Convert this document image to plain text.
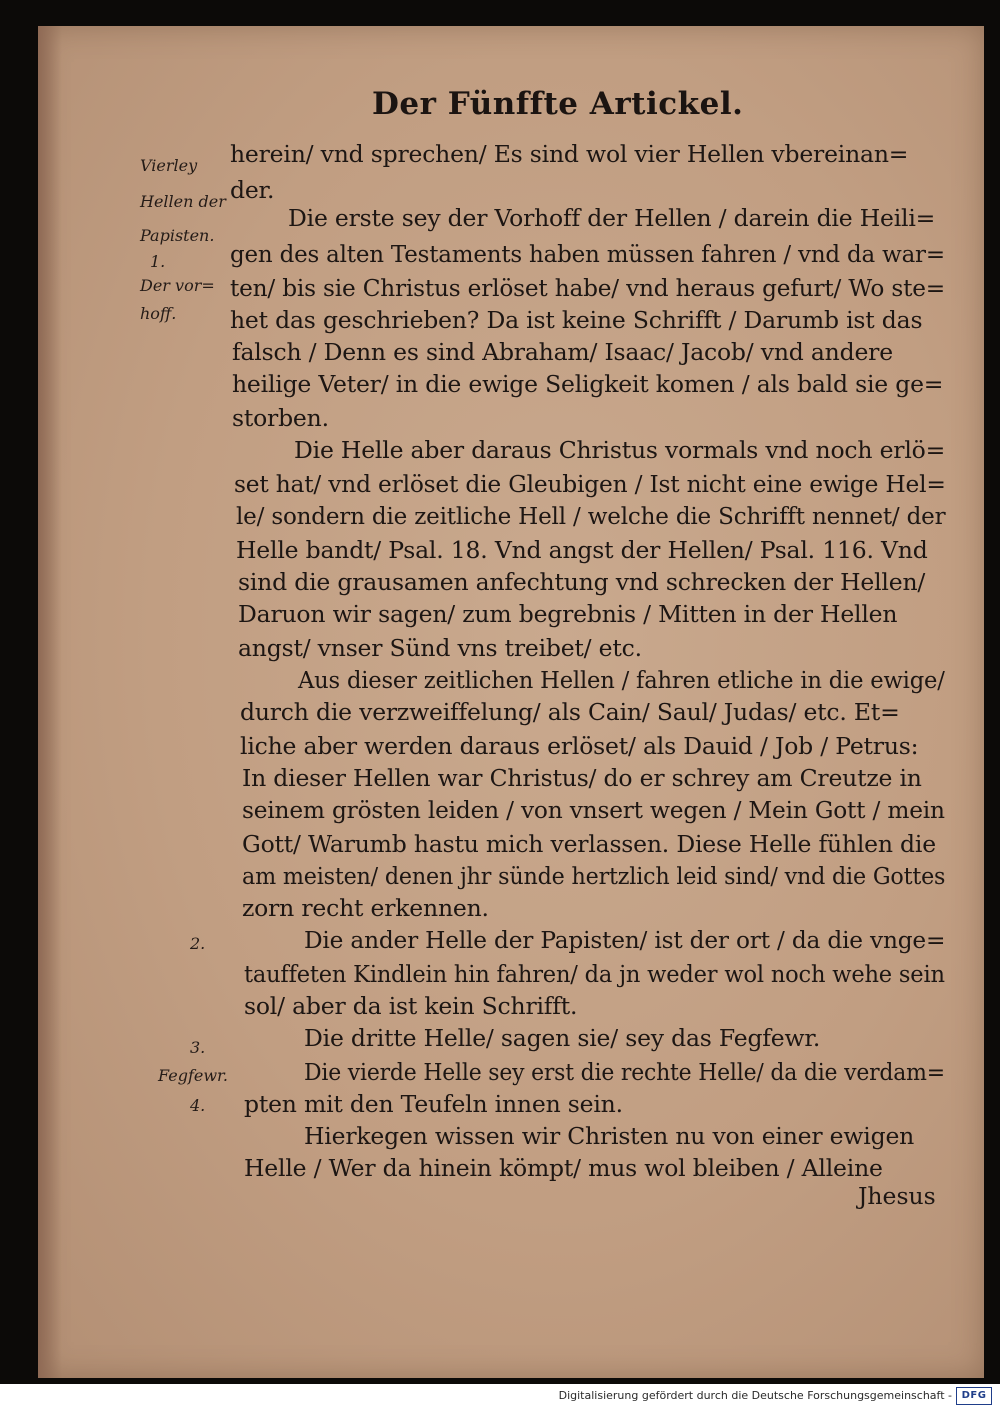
Der Fünffte Artickel.
Vierley
Hellen der
Papisten.
1.
Der vor=
hoff.
2.
3.
Fegfewr.
4.
herein/ vnd sprechen/ Es sind wol vier Hellen vbereinan=
der.
Die erste sey der Vorhoff der Hellen / darein die Heili=
gen des alten Testaments haben müssen fahren / vnd da war=
ten/ bis sie Christus erlöset habe/ vnd heraus gefurt/ Wo ste=
het das geschrieben? Da ist keine Schrifft / Darumb ist das
falsch / Denn es sind Abraham/ Isaac/ Jacob/ vnd andere
heilige Veter/ in die ewige Seligkeit komen / als bald sie ge=
storben.
Die Helle aber daraus Christus vormals vnd noch erlö=
set hat/ vnd erlöset die Gleubigen / Ist nicht eine ewige Hel=
le/ sondern die zeitliche Hell / welche die Schrifft nennet/ der
Helle bandt/ Psal. 18. Vnd angst der Hellen/ Psal. 116. Vnd
sind die grausamen anfechtung vnd schrecken der Hellen/
Daruon wir sagen/ zum begrebnis / Mitten in der Hellen
angst/ vnser Sünd vns treibet/ etc.
Aus dieser zeitlichen Hellen / fahren etliche in die ewige/
durch die verzweiffelung/ als Cain/ Saul/ Judas/ etc. Et=
liche aber werden daraus erlöset/ als Dauid / Job / Petrus:
In dieser Hellen war Christus/ do er schrey am Creutze in
seinem grösten leiden / von vnsert wegen / Mein Gott / mein
Gott/ Warumb hastu mich verlassen. Diese Helle fühlen die
am meisten/ denen jhr sünde hertzlich leid sind/ vnd die Gottes
zorn recht erkennen.
Die ander Helle der Papisten/ ist der ort / da die vnge=
tauffeten Kindlein hin fahren/ da jn weder wol noch wehe sein
sol/ aber da ist kein Schrifft.
Die dritte Helle/ sagen sie/ sey das Fegfewr.
Die vierde Helle sey erst die rechte Helle/ da die verdam=
pten mit den Teufeln innen sein.
Hierkegen wissen wir Christen nu von einer ewigen
Helle / Wer da hinein kömpt/ mus wol bleiben / Alleine
Jhesus
Digitalisierung gefördert durch die Deutsche Forschungsgemeinschaft - DFG
